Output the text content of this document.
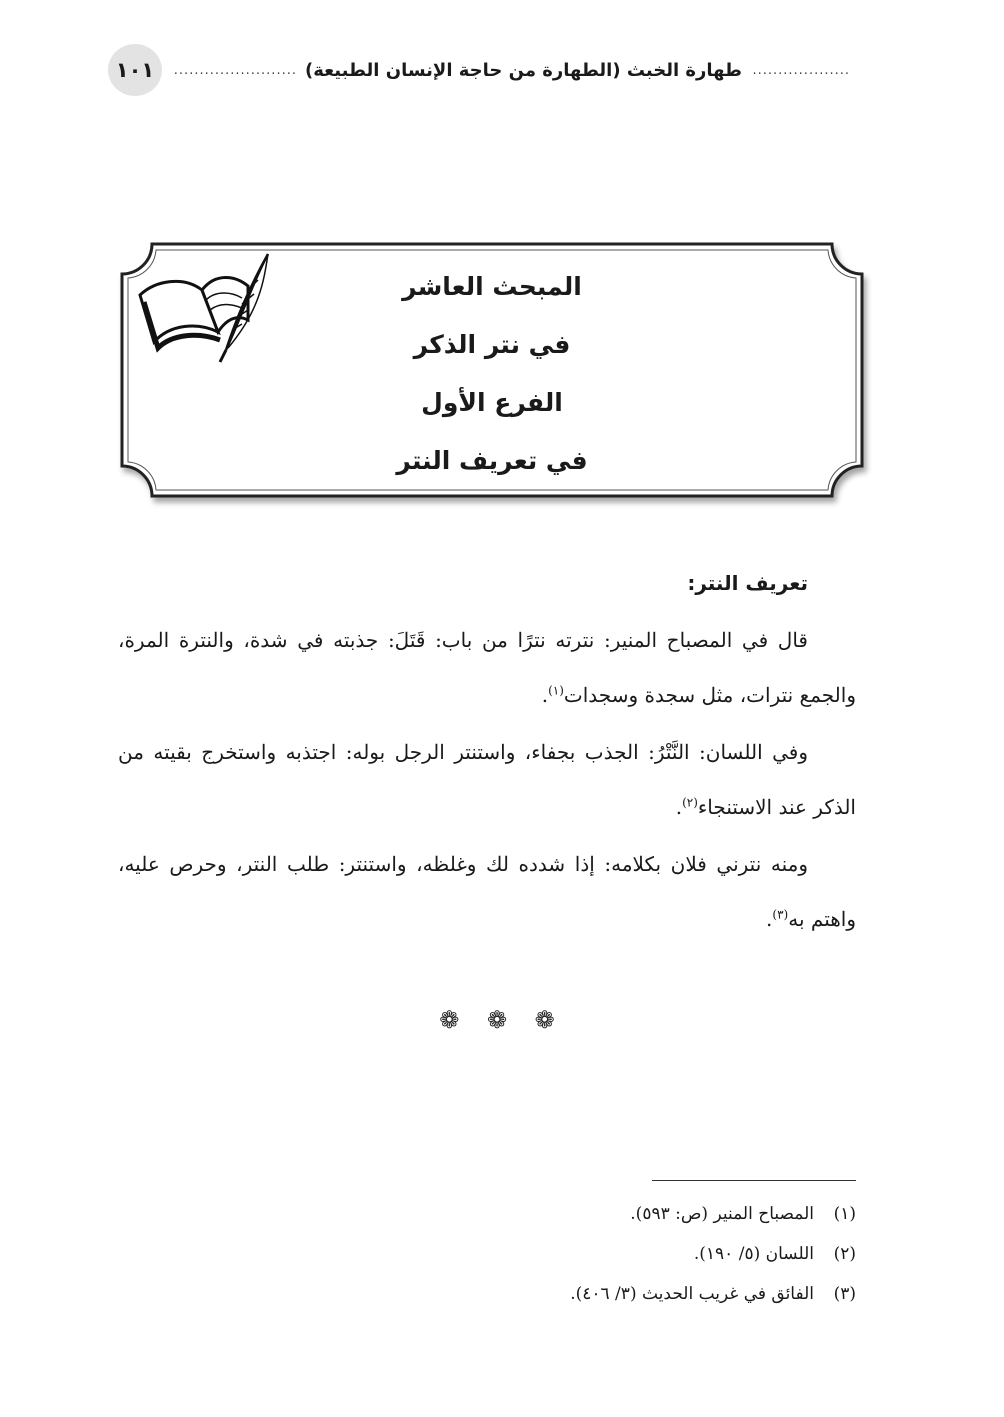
...................
طهارة الخبث (الطهارة من حاجة الإنسان الطبيعة)
........................
١٠١
المبحث العاشر
في نتر الذكر
الفرع الأول
في تعريف النتر

تعريف النتر:

قال في المصباح المنير: نترته نترًا من باب: قَتَلَ: جذبته في شدة، والنترة المرة، والجمع نترات، مثل سجدة وسجدات$^{(١)}$.

وفي اللسان: النَّتْرُ: الجذب بجفاء، واستنتر الرجل بوله: اجتذبه واستخرج بقيته من الذكر عند الاستنجاء$^{(٢)}$.

ومنه نترني فلان بكلامه: إذا شدده لك وغلظه، واستنتر: طلب النتر، وحرص عليه، واهتم به$^{(٣)}$.

❁ ❁ ❁
(١)المصباح المنير (ص: ٥٩٣).
(٢)اللسان (٥/ ١٩٠).
(٣)الفائق في غريب الحديث (٣/ ٤٠٦).
